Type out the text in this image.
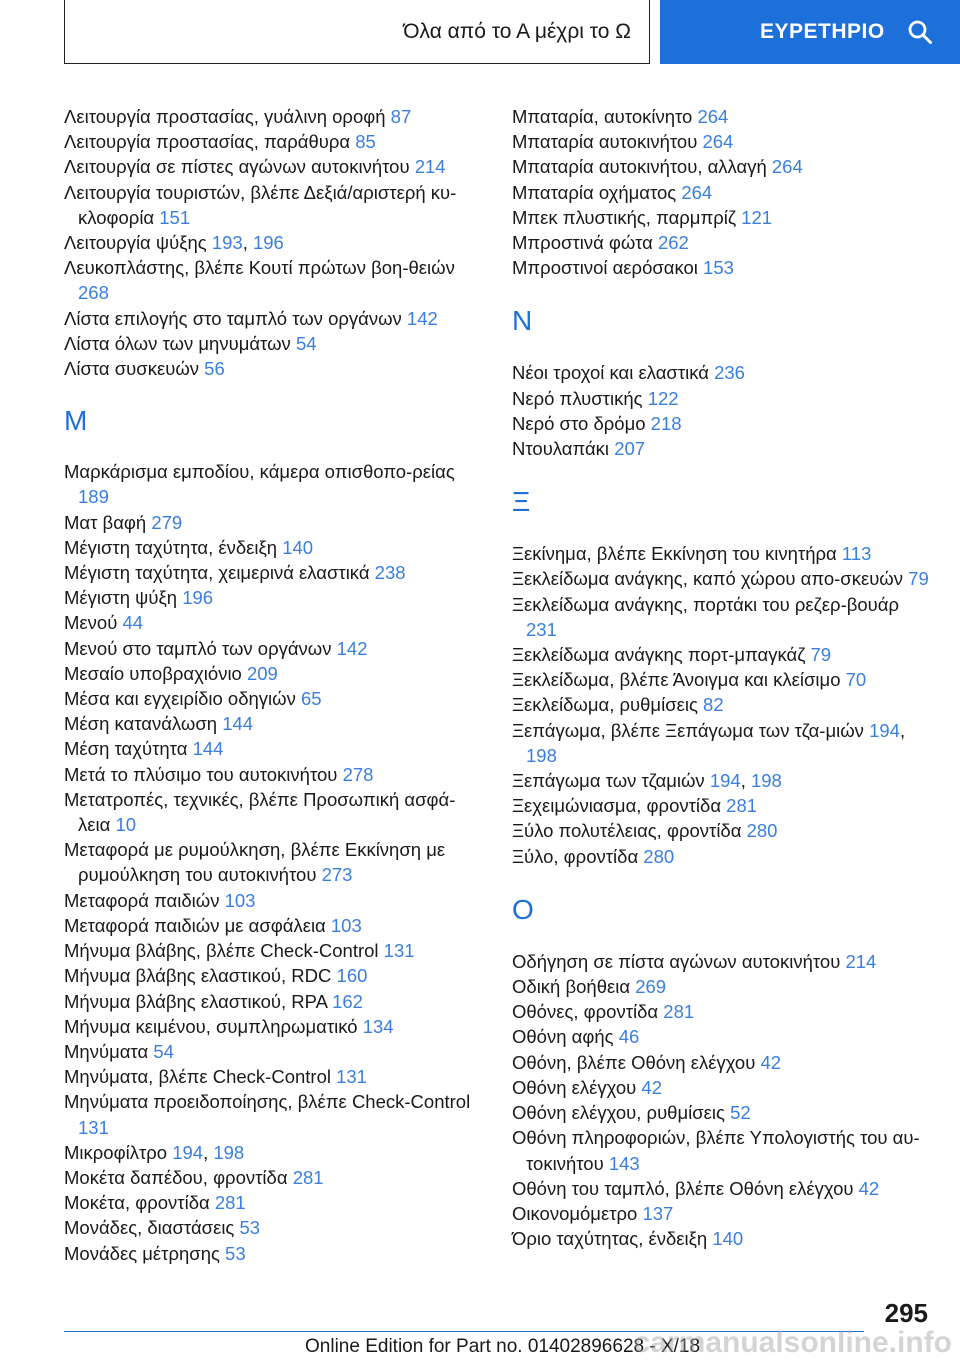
Όλα από το Α μέχρι το Ω	ΕΥΡΕΤΗΡΙΟ
Λειτουργία προστασίας, γυάλινη οροφή 87
Λειτουργία προστασίας, παράθυρα 85
Λειτουργία σε πίστες αγώνων αυτοκινήτου 214
Λειτουργία τουριστών, βλέπε Δεξιά/αριστερή κυ-κλοφορία 151
Λειτουργία ψύξης 193, 196
Λευκοπλάστης, βλέπε Κουτί πρώτων βοη-θειών 268
Λίστα επιλογής στο ταμπλό των οργάνων 142
Λίστα όλων των μηνυμάτων 54
Λίστα συσκευών 56
M
Μαρκάρισμα εμποδίου, κάμερα οπισθοπο-ρείας 189
Ματ βαφή 279
Μέγιστη ταχύτητα, ένδειξη 140
Μέγιστη ταχύτητα, χειμερινά ελαστικά 238
Μέγιστη ψύξη 196
Μενού 44
Μενού στο ταμπλό των οργάνων 142
Μεσαίο υποβραχιόνιο 209
Μέσα και εγχειρίδιο οδηγιών 65
Μέση κατανάλωση 144
Μέση ταχύτητα 144
Μετά το πλύσιμο του αυτοκινήτου 278
Μετατροπές, τεχνικές, βλέπε Προσωπική ασφά-λεια 10
Μεταφορά με ρυμούλκηση, βλέπε Εκκίνηση με ρυμούλκηση του αυτοκινήτου 273
Μεταφορά παιδιών 103
Μεταφορά παιδιών με ασφάλεια 103
Μήνυμα βλάβης, βλέπε Check-Control 131
Μήνυμα βλάβης ελαστικού, RDC 160
Μήνυμα βλάβης ελαστικού, RPA 162
Μήνυμα κειμένου, συμπληρωματικό 134
Μηνύματα 54
Μηνύματα, βλέπε Check-Control 131
Μηνύματα προειδοποίησης, βλέπε Check-Control 131
Μικροφίλτρο 194, 198
Μοκέτα δαπέδου, φροντίδα 281
Μοκέτα, φροντίδα 281
Μονάδες, διαστάσεις 53
Μονάδες μέτρησης 53
Μπαταρία, αυτοκίνητο 264
Μπαταρία αυτοκινήτου 264
Μπαταρία αυτοκινήτου, αλλαγή 264
Μπαταρία οχήματος 264
Μπεκ πλυστικής, παρμπρίζ 121
Μπροστινά φώτα 262
Μπροστινοί αερόσακοι 153
N
Νέοι τροχοί και ελαστικά 236
Νερό πλυστικής 122
Νερό στο δρόμο 218
Ντουλαπάκι 207
Ξ
Ξεκίνημα, βλέπε Εκκίνηση του κινητήρα 113
Ξεκλείδωμα ανάγκης, καπό χώρου απο-σκευών 79
Ξεκλείδωμα ανάγκης, πορτάκι του ρεζερ-βουάρ 231
Ξεκλείδωμα ανάγκης πορτ-μπαγκάζ 79
Ξεκλείδωμα, βλέπε Άνοιγμα και κλείσιμο 70
Ξεκλείδωμα, ρυθμίσεις 82
Ξεπάγωμα, βλέπε Ξεπάγωμα των τζα-μιών 194, 198
Ξεπάγωμα των τζαμιών 194, 198
Ξεχειμώνιασμα, φροντίδα 281
Ξύλο πολυτέλειας, φροντίδα 280
Ξύλο, φροντίδα 280
O
Οδήγηση σε πίστα αγώνων αυτοκινήτου 214
Οδική βοήθεια 269
Οθόνες, φροντίδα 281
Οθόνη αφής 46
Οθόνη, βλέπε Οθόνη ελέγχου 42
Οθόνη ελέγχου 42
Οθόνη ελέγχου, ρυθμίσεις 52
Οθόνη πληροφοριών, βλέπε Υπολογιστής του αυ-τοκινήτου 143
Οθόνη του ταμπλό, βλέπε Οθόνη ελέγχου 42
Οικονομόμετρο 137
Όριο ταχύτητας, ένδειξη 140
295
Online Edition for Part no. 01402896628 - X/18
carmanualsonline.info
